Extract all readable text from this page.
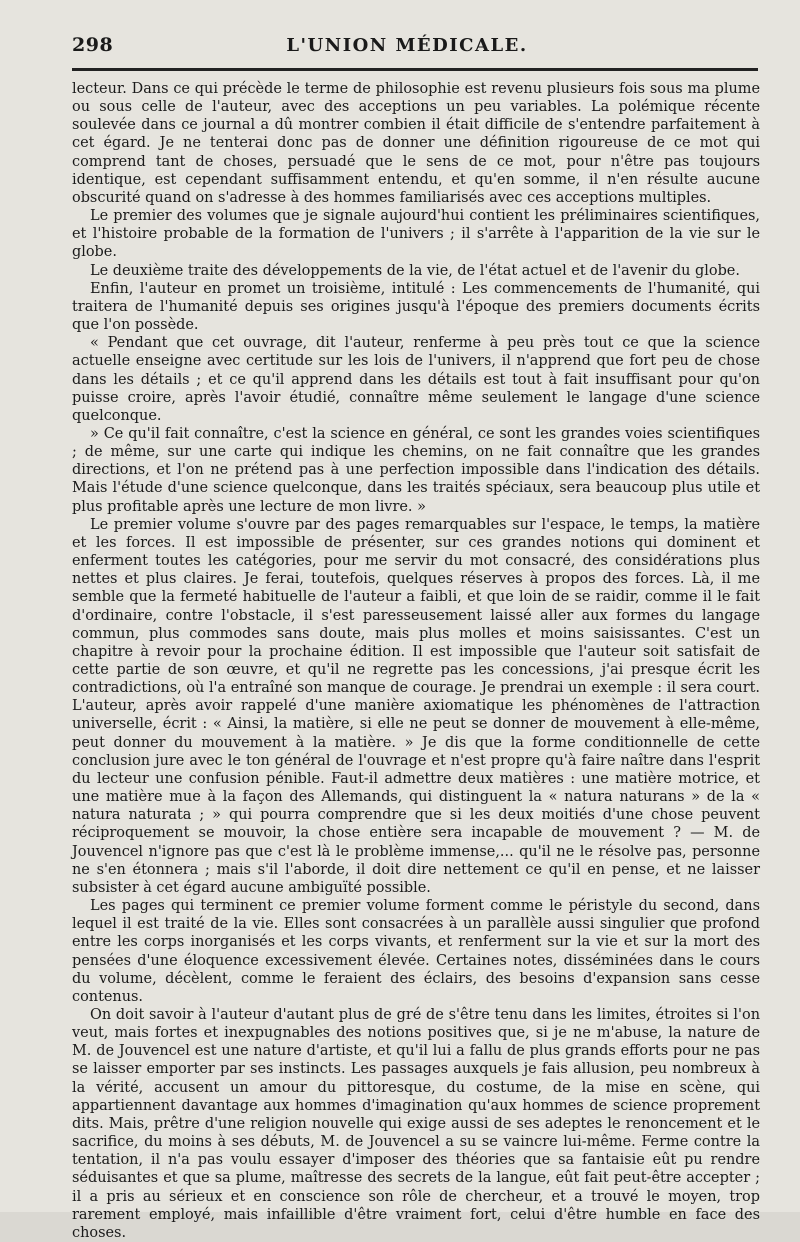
298	L'UNION MÉDICALE.

lecteur. Dans ce qui précède le terme de philosophie est revenu plusieurs fois sous ma plume ou sous celle de l'auteur, avec des acceptions un peu variables. La polémique récente soulevée dans ce journal a dû montrer combien il était difficile de s'entendre parfaitement à cet égard. Je ne tenterai donc pas de donner une définition rigoureuse de ce mot qui comprend tant de choses, persuadé que le sens de ce mot, pour n'être pas toujours identique, est cependant suffisamment entendu, et qu'en somme, il n'en résulte aucune obscurité quand on s'adresse à des hommes familiarisés avec ces acceptions multiples.

Le premier des volumes que je signale aujourd'hui contient les préliminaires scientifiques, et l'histoire probable de la formation de l'univers ; il s'arrête à l'apparition de la vie sur le globe.

Le deuxième traite des développements de la vie, de l'état actuel et de l'avenir du globe.

Enfin, l'auteur en promet un troisième, intitulé : Les commencements de l'humanité, qui traitera de l'humanité depuis ses origines jusqu'à l'époque des premiers documents écrits que l'on possède.

« Pendant que cet ouvrage, dit l'auteur, renferme à peu près tout ce que la science actuelle enseigne avec certitude sur les lois de l'univers, il n'apprend que fort peu de chose dans les détails ; et ce qu'il apprend dans les détails est tout à fait insuffisant pour qu'on puisse croire, après l'avoir étudié, connaître même seulement le langage d'une science quelconque.

» Ce qu'il fait connaître, c'est la science en général, ce sont les grandes voies scientifiques ; de même, sur une carte qui indique les chemins, on ne fait connaître que les grandes directions, et l'on ne prétend pas à une perfection impossible dans l'indication des détails. Mais l'étude d'une science quelconque, dans les traités spéciaux, sera beaucoup plus utile et plus profitable après une lecture de mon livre. »

Le premier volume s'ouvre par des pages remarquables sur l'espace, le temps, la matière et les forces. Il est impossible de présenter, sur ces grandes notions qui dominent et enferment toutes les catégories, pour me servir du mot consacré, des considérations plus nettes et plus claires. Je ferai, toutefois, quelques réserves à propos des forces. Là, il me semble que la fermeté habituelle de l'auteur a faibli, et que loin de se raidir, comme il le fait d'ordinaire, contre l'obstacle, il s'est paresseusement laissé aller aux formes du langage commun, plus commodes sans doute, mais plus molles et moins saisissantes. C'est un chapitre à revoir pour la prochaine édition. Il est impossible que l'auteur soit satisfait de cette partie de son œuvre, et qu'il ne regrette pas les concessions, j'ai presque écrit les contradictions, où l'a entraîné son manque de courage. Je prendrai un exemple : il sera court. L'auteur, après avoir rappelé d'une manière axiomatique les phénomènes de l'attraction universelle, écrit : « Ainsi, la matière, si elle ne peut se donner de mouvement à elle-même, peut donner du mouvement à la matière. » Je dis que la forme conditionnelle de cette conclusion jure avec le ton général de l'ouvrage et n'est propre qu'à faire naître dans l'esprit du lecteur une confusion pénible. Faut-il admettre deux matières : une matière motrice, et une matière mue à la façon des Allemands, qui distinguent la « natura naturans » de la « natura naturata ; » qui pourra comprendre que si les deux moitiés d'une chose peuvent réciproquement se mouvoir, la chose entière sera incapable de mouvement ? — M. de Jouvencel n'ignore pas que c'est là le problème immense,... qu'il ne le résolve pas, personne ne s'en étonnera ; mais s'il l'aborde, il doit dire nettement ce qu'il en pense, et ne laisser subsister à cet égard aucune ambiguïté possible.

Les pages qui terminent ce premier volume forment comme le péristyle du second, dans lequel il est traité de la vie. Elles sont consacrées à un parallèle aussi singulier que profond entre les corps inorganisés et les corps vivants, et renferment sur la vie et sur la mort des pensées d'une éloquence excessivement élevée. Certaines notes, disséminées dans le cours du volume, décèlent, comme le feraient des éclairs, des besoins d'expansion sans cesse contenus.

On doit savoir à l'auteur d'autant plus de gré de s'être tenu dans les limites, étroites si l'on veut, mais fortes et inexpugnables des notions positives que, si je ne m'abuse, la nature de M. de Jouvencel est une nature d'artiste, et qu'il lui a fallu de plus grands efforts pour ne pas se laisser emporter par ses instincts. Les passages auxquels je fais allusion, peu nombreux à la vérité, accusent un amour du pittoresque, du costume, de la mise en scène, qui appartiennent davantage aux hommes d'imagination qu'aux hommes de science proprement dits. Mais, prêtre d'une religion nouvelle qui exige aussi de ses adeptes le renoncement et le sacrifice, du moins à ses débuts, M. de Jouvencel a su se vaincre lui-même. Ferme contre la tentation, il n'a pas voulu essayer d'imposer des théories que sa fantaisie eût pu rendre séduisantes et que sa plume, maîtresse des secrets de la langue, eût fait peut-être accepter ; il a pris au sérieux et en conscience son rôle de chercheur, et a trouvé le moyen, trop rarement employé, mais infaillible d'être vraiment fort, celui d'être humble en face des choses.
